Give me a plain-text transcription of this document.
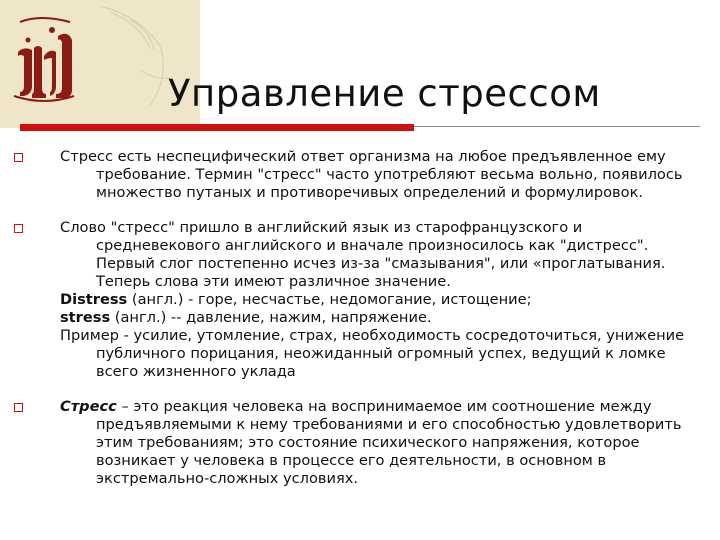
Управление стрессом

Стресс есть неспецифический ответ организма на любое предъявленное ему требование. Термин "стресс" часто употребляют весьма вольно, появилось множество путаных и противоречивых определений и формулировок.

Слово "стресс" пришло в английский язык из старофранцузского и средневекового английского и вначале произносилось как "дистресс". Первый слог постепенно исчез из-за "смазывания", или «проглатывания. Теперь слова эти имеют различное значение.

Distress (англ.) - горе, несчастье, недомогание, истощение;

stress (англ.) -- давление, нажим, напряжение.

Пример - усилие, утомление, страх, необходимость сосредоточиться, унижение публичного порицания, неожиданный огромный успех, ведущий к ломке всего жизненного уклада

Стресс – это реакция человека на воспринимаемое им соотношение между предъявляемыми к нему требованиями и его способностью удовлетворить этим требованиям; это состояние психического напряжения, которое возникает у человека в процессе его деятельности, в основном в экстремально-сложных условиях.
